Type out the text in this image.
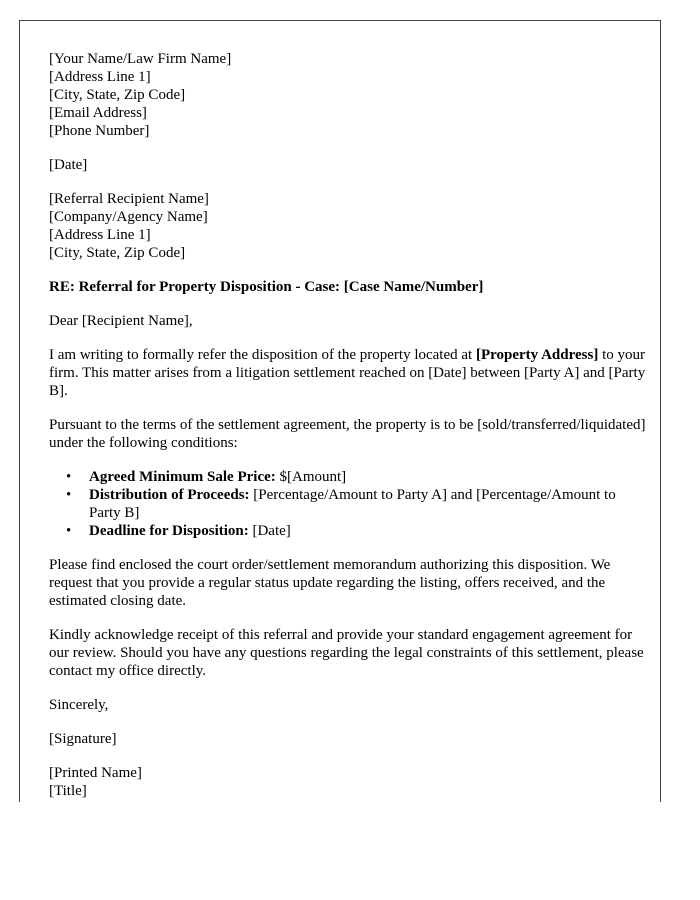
[Your Name/Law Firm Name]
[Address Line 1]
[City, State, Zip Code]
[Email Address]
[Phone Number]

[Date]

[Referral Recipient Name]
[Company/Agency Name]
[Address Line 1]
[City, State, Zip Code]

RE: Referral for Property Disposition - Case: [Case Name/Number]

Dear [Recipient Name],

I am writing to formally refer the disposition of the property located at [Property Address] to your firm. This matter arises from a litigation settlement reached on [Date] between [Party A] and [Party B].

Pursuant to the terms of the settlement agreement, the property is to be [sold/transferred/liquidated] under the following conditions:

• Agreed Minimum Sale Price: $[Amount]
• Distribution of Proceeds: [Percentage/Amount to Party A] and [Percentage/Amount to Party B]
• Deadline for Disposition: [Date]

Please find enclosed the court order/settlement memorandum authorizing this disposition. We request that you provide a regular status update regarding the listing, offers received, and the estimated closing date.

Kindly acknowledge receipt of this referral and provide your standard engagement agreement for our review. Should you have any questions regarding the legal constraints of this settlement, please contact my office directly.

Sincerely,

[Signature]

[Printed Name]
[Title]
